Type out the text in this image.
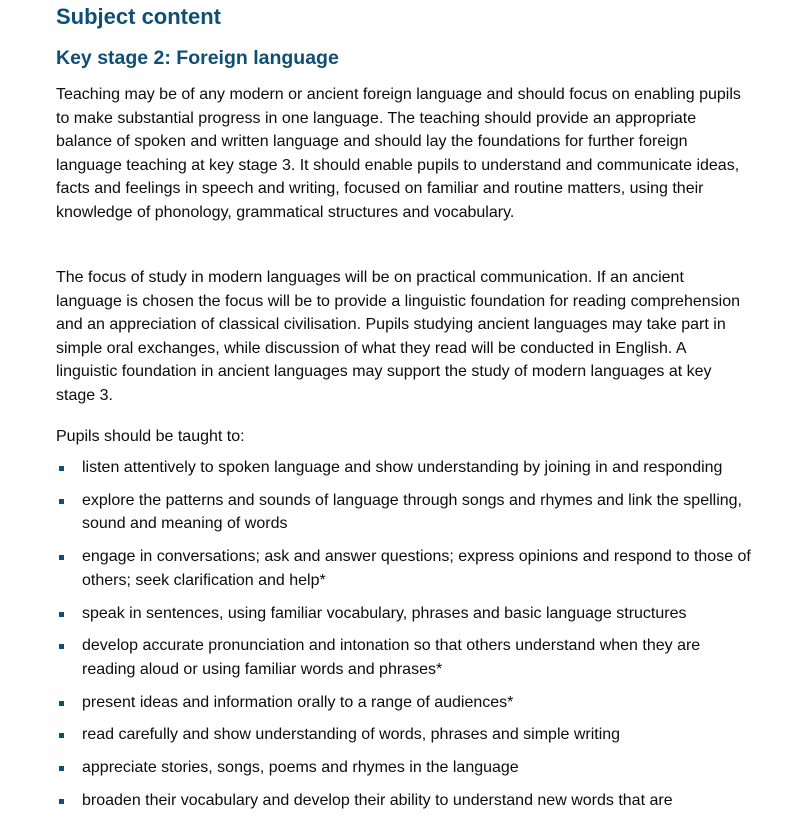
Subject content
Key stage 2: Foreign language

Teaching may be of any modern or ancient foreign language and should focus on enabling pupils to make substantial progress in one language. The teaching should provide an appropriate balance of spoken and written language and should lay the foundations for further foreign language teaching at key stage 3. It should enable pupils to understand and communicate ideas, facts and feelings in speech and writing, focused on familiar and routine matters, using their knowledge of phonology, grammatical structures and vocabulary.

The focus of study in modern languages will be on practical communication. If an ancient language is chosen the focus will be to provide a linguistic foundation for reading comprehension and an appreciation of classical civilisation. Pupils studying ancient languages may take part in simple oral exchanges, while discussion of what they read will be conducted in English. A linguistic foundation in ancient languages may support the study of modern languages at key stage 3.

Pupils should be taught to:

listen attentively to spoken language and show understanding by joining in and responding
explore the patterns and sounds of language through songs and rhymes and link the spelling, sound and meaning of words
engage in conversations; ask and answer questions; express opinions and respond to those of others; seek clarification and help*
speak in sentences, using familiar vocabulary, phrases and basic language structures
develop accurate pronunciation and intonation so that others understand when they are reading aloud or using familiar words and phrases*
present ideas and information orally to a range of audiences*
read carefully and show understanding of words, phrases and simple writing
appreciate stories, songs, poems and rhymes in the language
broaden their vocabulary and develop their ability to understand new words that are
